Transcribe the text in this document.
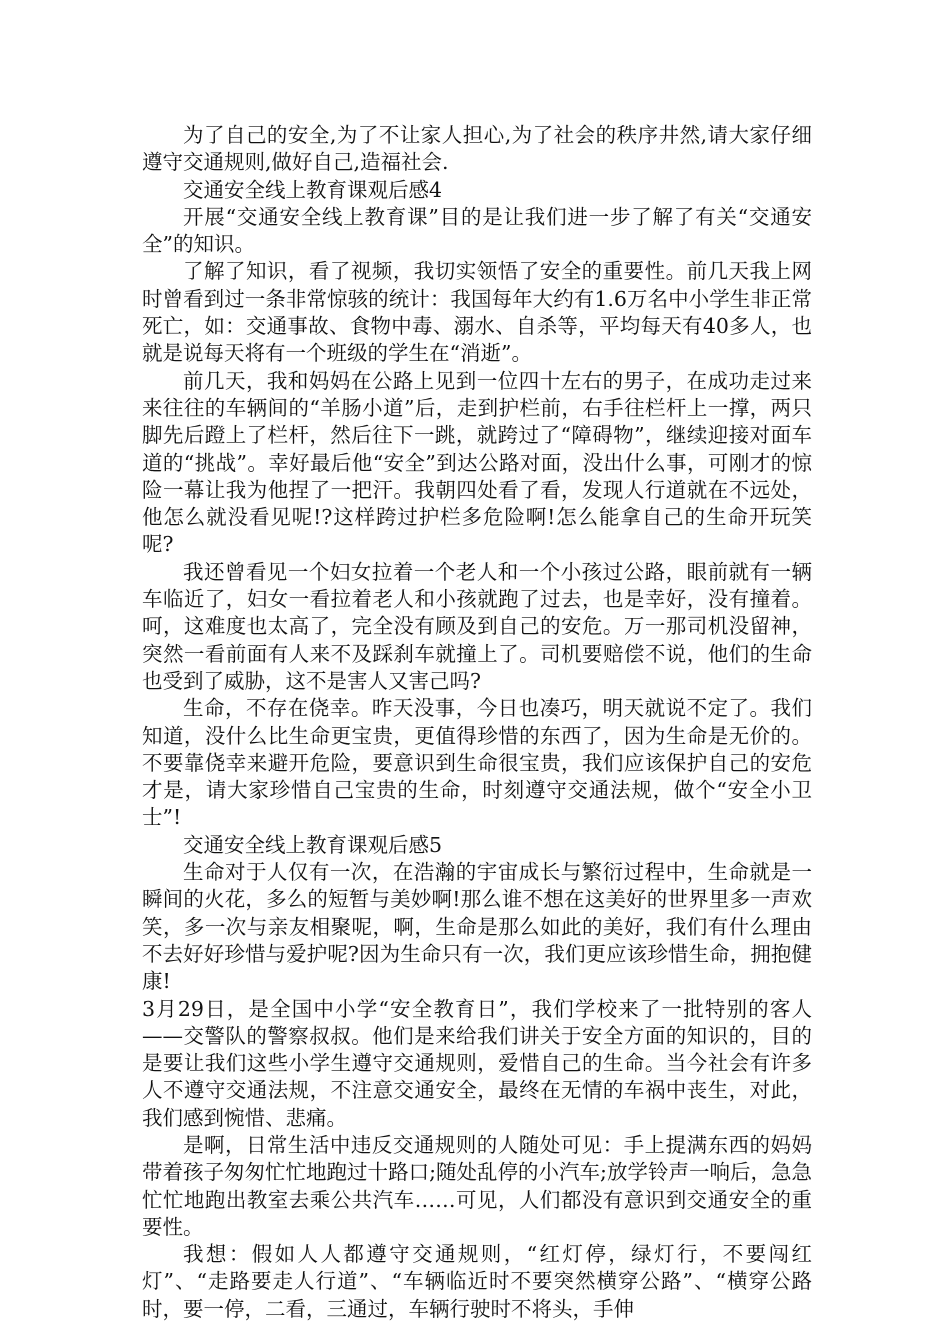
为了自己的安全,为了不让家人担心,为了社会的秩序井然,请大家仔细遵守交通规则,做好自己,造福社会.

交通安全线上教育课观后感4

开展“交通安全线上教育课”目的是让我们进一步了解了有关“交通安全”的知识。

了解了知识，看了视频，我切实领悟了安全的重要性。前几天我上网时曾看到过一条非常惊骇的统计：我国每年大约有1.6万名中小学生非正常死亡，如：交通事故、食物中毒、溺水、自杀等，平均每天有40多人，也就是说每天将有一个班级的学生在“消逝”。

前几天，我和妈妈在公路上见到一位四十左右的男子，在成功走过来来往往的车辆间的“羊肠小道”后，走到护栏前，右手往栏杆上一撑，两只脚先后蹬上了栏杆，然后往下一跳，就跨过了“障碍物”，继续迎接对面车道的“挑战”。幸好最后他“安全”到达公路对面，没出什么事，可刚才的惊险一幕让我为他捏了一把汗。我朝四处看了看，发现人行道就在不远处，他怎么就没看见呢!?这样跨过护栏多危险啊!怎么能拿自己的生命开玩笑呢?

我还曾看见一个妇女拉着一个老人和一个小孩过公路，眼前就有一辆车临近了，妇女一看拉着老人和小孩就跑了过去，也是幸好，没有撞着。呵，这难度也太高了，完全没有顾及到自己的安危。万一那司机没留神，突然一看前面有人来不及踩刹车就撞上了。司机要赔偿不说，他们的生命也受到了威胁，这不是害人又害己吗?

生命，不存在侥幸。昨天没事，今日也凑巧，明天就说不定了。我们知道，没什么比生命更宝贵，更值得珍惜的东西了，因为生命是无价的。不要靠侥幸来避开危险，要意识到生命很宝贵，我们应该保护自己的安危才是，请大家珍惜自己宝贵的生命，时刻遵守交通法规，做个“安全小卫士”!

交通安全线上教育课观后感5

生命对于人仅有一次，在浩瀚的宇宙成长与繁衍过程中，生命就是一瞬间的火花，多么的短暂与美妙啊!那么谁不想在这美好的世界里多一声欢笑，多一次与亲友相聚呢，啊，生命是那么如此的美好，我们有什么理由不去好好珍惜与爱护呢?因为生命只有一次，我们更应该珍惜生命，拥抱健康!

3月29日，是全国中小学“安全教育日”，我们学校来了一批特别的客人——交警队的警察叔叔。他们是来给我们讲关于安全方面的知识的，目的是要让我们这些小学生遵守交通规则，爱惜自己的生命。当今社会有许多人不遵守交通法规，不注意交通安全，最终在无情的车祸中丧生，对此，我们感到惋惜、悲痛。

是啊，日常生活中违反交通规则的人随处可见：手上提满东西的妈妈带着孩子匆匆忙忙地跑过十路口;随处乱停的小汽车;放学铃声一响后，急急忙忙地跑出教室去乘公共汽车……可见，人们都没有意识到交通安全的重要性。

我想：假如人人都遵守交通规则，“红灯停，绿灯行，不要闯红灯”、“走路要走人行道”、“车辆临近时不要突然横穿公路”、“横穿公路时，要一停，二看，三通过，车辆行驶时不将头，手伸
